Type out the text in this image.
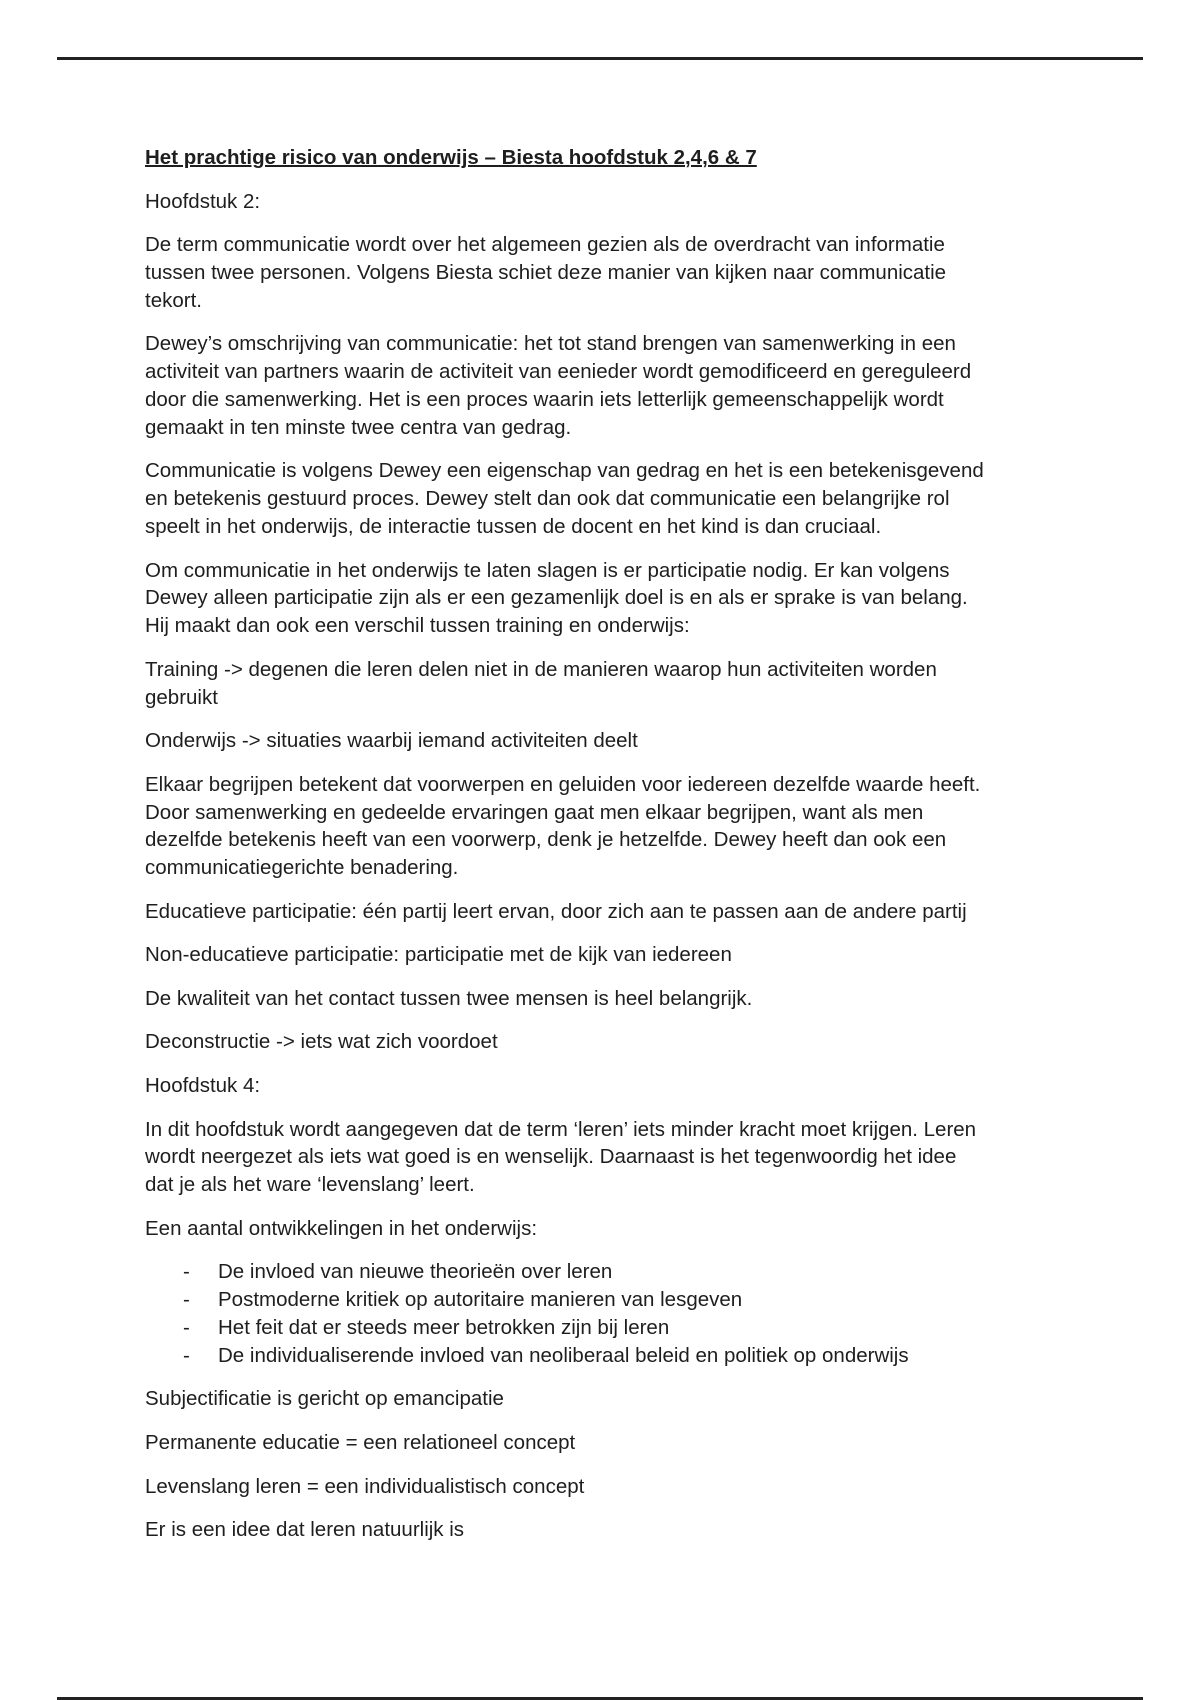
Het prachtige risico van onderwijs – Biesta hoofdstuk 2,4,6 & 7
Hoofdstuk 2:
De term communicatie wordt over het algemeen gezien als de overdracht van informatie
tussen twee personen. Volgens Biesta schiet deze manier van kijken naar communicatie
tekort.
Dewey’s omschrijving van communicatie: het tot stand brengen van samenwerking in een
activiteit van partners waarin de activiteit van eenieder wordt gemodificeerd en gereguleerd
door die samenwerking. Het is een proces waarin iets letterlijk gemeenschappelijk wordt
gemaakt in ten minste twee centra van gedrag.
Communicatie is volgens Dewey een eigenschap van gedrag en het is een betekenisgevend
en betekenis gestuurd proces. Dewey stelt dan ook dat communicatie een belangrijke rol
speelt in het onderwijs, de interactie tussen de docent en het kind is dan cruciaal.
Om communicatie in het onderwijs te laten slagen is er participatie nodig. Er kan volgens
Dewey alleen participatie zijn als er een gezamenlijk doel is en als er sprake is van belang.
Hij maakt dan ook een verschil tussen training en onderwijs:
Training -> degenen die leren delen niet in de manieren waarop hun activiteiten worden
gebruikt
Onderwijs -> situaties waarbij iemand activiteiten deelt
Elkaar begrijpen betekent dat voorwerpen en geluiden voor iedereen dezelfde waarde heeft.
Door samenwerking en gedeelde ervaringen gaat men elkaar begrijpen, want als men
dezelfde betekenis heeft van een voorwerp, denk je hetzelfde. Dewey heeft dan ook een
communicatiegerichte benadering.
Educatieve participatie: één partij leert ervan, door zich aan te passen aan de andere partij
Non-educatieve participatie: participatie met de kijk van iedereen
De kwaliteit van het contact tussen twee mensen is heel belangrijk.
Deconstructie -> iets wat zich voordoet
Hoofdstuk 4:
In dit hoofdstuk wordt aangegeven dat de term ‘leren’ iets minder kracht moet krijgen. Leren
wordt neergezet als iets wat goed is en wenselijk. Daarnaast is het tegenwoordig het idee
dat je als het ware ‘levenslang’ leert.
Een aantal ontwikkelingen in het onderwijs:
- De invloed van nieuwe theorieën over leren
- Postmoderne kritiek op autoritaire manieren van lesgeven
- Het feit dat er steeds meer betrokken zijn bij leren
- De individualiserende invloed van neoliberaal beleid en politiek op onderwijs
Subjectificatie is gericht op emancipatie
Permanente educatie = een relationeel concept
Levenslang leren = een individualistisch concept
Er is een idee dat leren natuurlijk is
